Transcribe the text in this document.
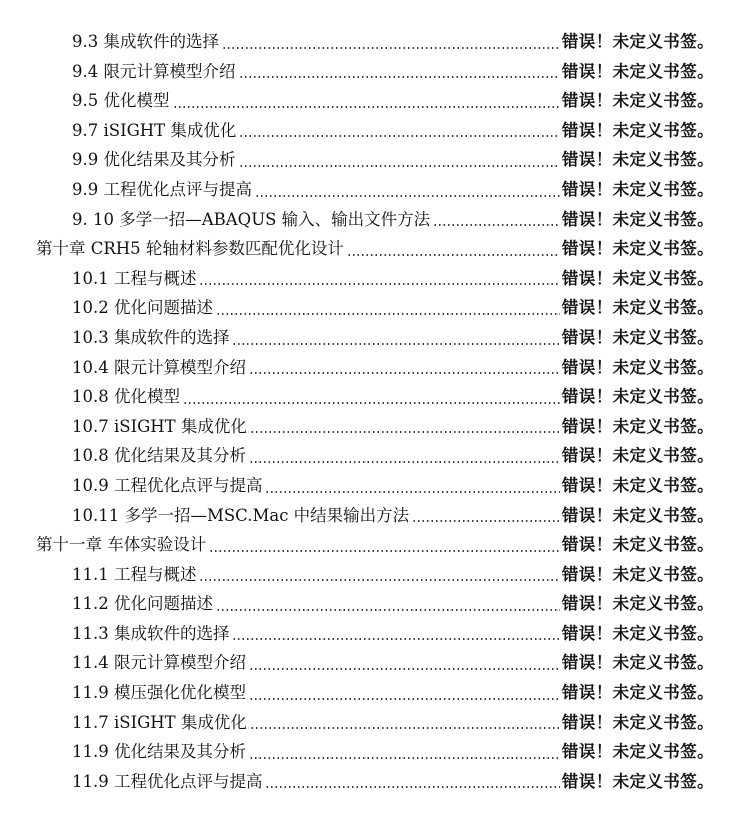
9.3 集成软件的选择	错误！未定义书签。
9.4 限元计算模型介绍	错误！未定义书签。
9.5 优化模型	错误！未定义书签。
9.7 iSIGHT 集成优化	错误！未定义书签。
9.9 优化结果及其分析	错误！未定义书签。
9.9 工程优化点评与提高	错误！未定义书签。
9. 10 多学一招—ABAQUS 输入、输出文件方法	错误！未定义书签。
第十章 CRH5 轮轴材料参数匹配优化设计	错误！未定义书签。
10.1 工程与概述	错误！未定义书签。
10.2 优化问题描述	错误！未定义书签。
10.3 集成软件的选择	错误！未定义书签。
10.4 限元计算模型介绍	错误！未定义书签。
10.8 优化模型	错误！未定义书签。
10.7 iSIGHT 集成优化	错误！未定义书签。
10.8 优化结果及其分析	错误！未定义书签。
10.9 工程优化点评与提高	错误！未定义书签。
10.11 多学一招—MSC.Mac 中结果输出方法	错误！未定义书签。
第十一章 车体实验设计	错误！未定义书签。
11.1 工程与概述	错误！未定义书签。
11.2 优化问题描述	错误！未定义书签。
11.3 集成软件的选择	错误！未定义书签。
11.4 限元计算模型介绍	错误！未定义书签。
11.9 模压强化优化模型	错误！未定义书签。
11.7 iSIGHT 集成优化	错误！未定义书签。
11.9 优化结果及其分析	错误！未定义书签。
11.9 工程优化点评与提高	错误！未定义书签。
